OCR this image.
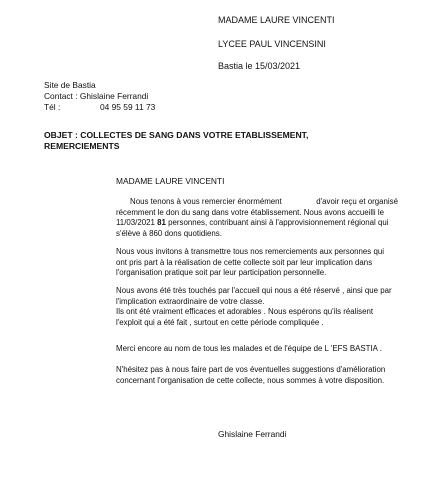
MADAME LAURE VINCENTI
LYCEE PAUL VINCENSINI
Bastia le 15/03/2021
Site de Bastia
Contact : Ghislaine Ferrandi
Tél :	04 95 59 11 73
OBJET : COLLECTES DE SANG DANS VOTRE ETABLISSEMENT,
REMERCIEMENTS
MADAME LAURE VINCENTI
Nous tenons à vous remercier énormément	d'avoir reçu et organisé
récemment le don du sang dans votre établissement. Nous avons accueilli le
11/03/2021 81 personnes, contribuant ainsi à l'approvisionnement régional qui
s'élève à 860 dons quotidiens.
Nous vous invitons à transmettre tous nos remerciements aux personnes qui
ont pris part à la réalisation de cette collecte soit par leur implication dans
l'organisation pratique soit par leur participation personnelle.
Nous avons été très touchés par l'accueil qui nous a été réservé , ainsi que par
l'implication extraordinaire de votre classe.
Ils ont été vraiment efficaces et adorables . Nous espérons qu'ils réalisent
l'exploit qui a été fait , surtout en cette période compliquée .
Merci encore au nom de tous les malades et de l'équipe de L 'EFS BASTIA .
N'hésitez pas à nous faire part de vos éventuelles suggestions d'amélioration
concernant l'organisation de cette collecte, nous sommes à votre disposition.
Ghislaine Ferrandi
